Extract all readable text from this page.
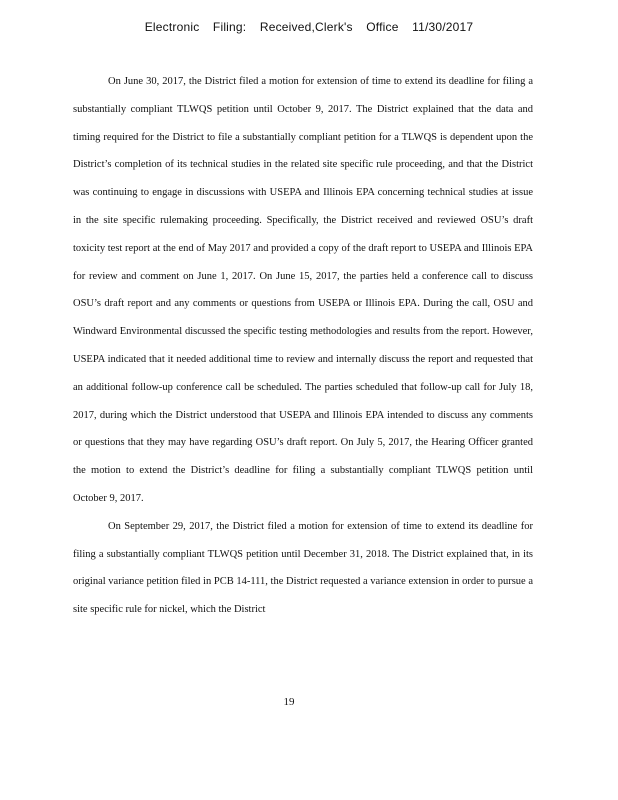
Electronic Filing: Received,Clerk's Office 11/30/2017

On June 30, 2017, the District filed a motion for extension of time to extend its deadline for filing a substantially compliant TLWQS petition until October 9, 2017. The District explained that the data and timing required for the District to file a substantially compliant petition for a TLWQS is dependent upon the District’s completion of its technical studies in the related site specific rule proceeding, and that the District was continuing to engage in discussions with USEPA and Illinois EPA concerning technical studies at issue in the site specific rulemaking proceeding. Specifically, the District received and reviewed OSU’s draft toxicity test report at the end of May 2017 and provided a copy of the draft report to USEPA and Illinois EPA for review and comment on June 1, 2017. On June 15, 2017, the parties held a conference call to discuss OSU’s draft report and any comments or questions from USEPA or Illinois EPA. During the call, OSU and Windward Environmental discussed the specific testing methodologies and results from the report. However, USEPA indicated that it needed additional time to review and internally discuss the report and requested that an additional follow-up conference call be scheduled. The parties scheduled that follow-up call for July 18, 2017, during which the District understood that USEPA and Illinois EPA intended to discuss any comments or questions that they may have regarding OSU’s draft report. On July 5, 2017, the Hearing Officer granted the motion to extend the District’s deadline for filing a substantially compliant TLWQS petition until October 9, 2017.

On September 29, 2017, the District filed a motion for extension of time to extend its deadline for filing a substantially compliant TLWQS petition until December 31, 2018. The District explained that, in its original variance petition filed in PCB 14-111, the District requested a variance extension in order to pursue a site specific rule for nickel, which the District

19
